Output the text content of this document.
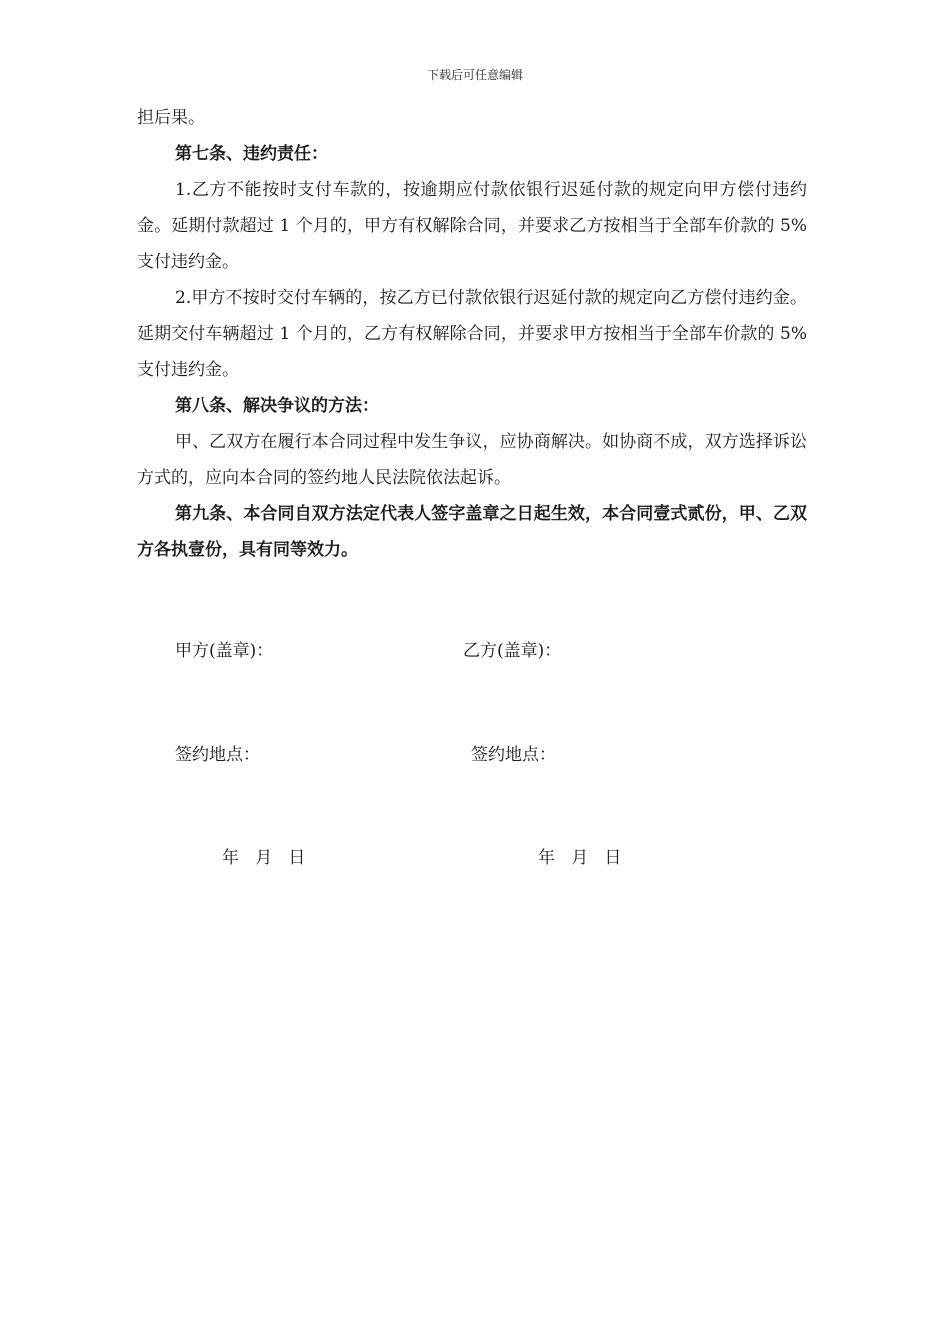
下载后可任意编辑

担后果。

第七条、违约责任：

1.乙方不能按时支付车款的，按逾期应付款依银行迟延付款的规定向甲方偿付违约金。延期付款超过 1 个月的，甲方有权解除合同，并要求乙方按相当于全部车价款的 5%支付违约金。

2.甲方不按时交付车辆的，按乙方已付款依银行迟延付款的规定向乙方偿付违约金。延期交付车辆超过 1 个月的，乙方有权解除合同，并要求甲方按相当于全部车价款的 5%支付违约金。

第八条、解决争议的方法：

甲、乙双方在履行本合同过程中发生争议，应协商解决。如协商不成，双方选择诉讼方式的，应向本合同的签约地人民法院依法起诉。

第九条、本合同自双方法定代表人签字盖章之日起生效，本合同壹式贰份，甲、乙双方各执壹份，具有同等效力。

甲方(盖章)：	乙方(盖章)：
签约地点：	签约地点：
年   月   日	年   月   日
